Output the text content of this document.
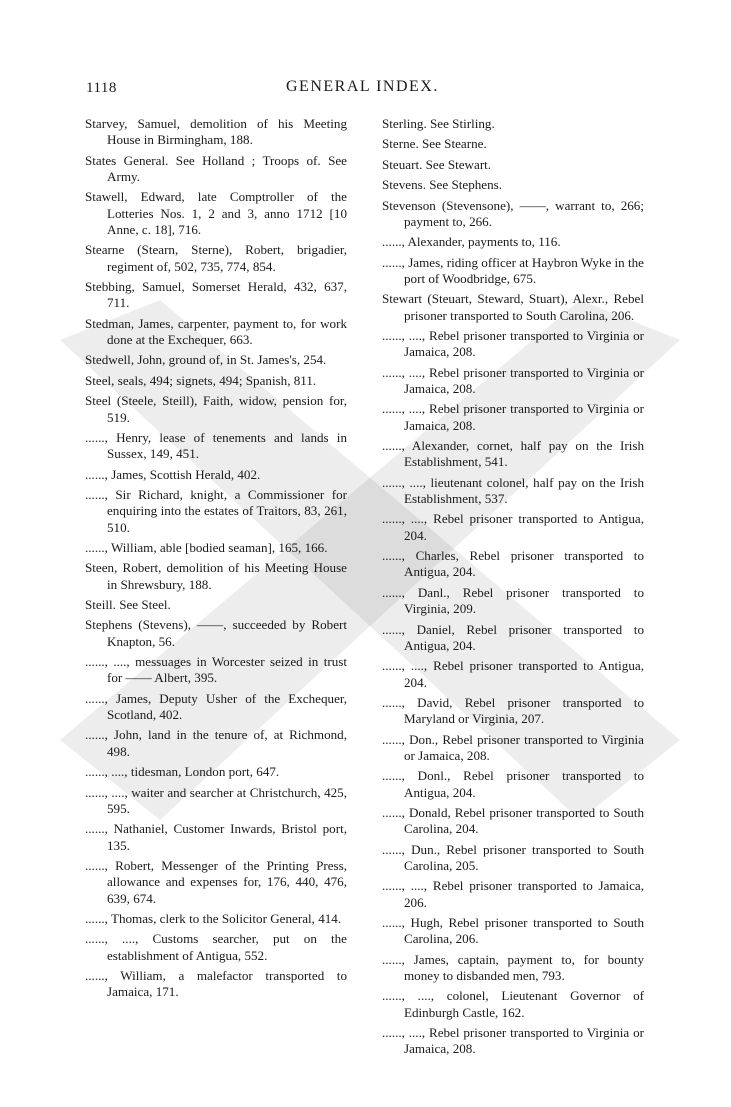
1118	GENERAL INDEX.

Starvey, Samuel, demolition of his Meeting House in Birmingham, 188.

States General. See Holland ; Troops of. See Army.

Stawell, Edward, late Comptroller of the Lotteries Nos. 1, 2 and 3, anno 1712 [10 Anne, c. 18], 716.

Stearne (Stearn, Sterne), Robert, brigadier, regiment of, 502, 735, 774, 854.

Stebbing, Samuel, Somerset Herald, 432, 637, 711.

Stedman, James, carpenter, payment to, for work done at the Exchequer, 663.

Stedwell, John, ground of, in St. James's, 254.

Steel, seals, 494; signets, 494; Spanish, 811.

Steel (Steele, Steill), Faith, widow, pension for, 519.

......, Henry, lease of tenements and lands in Sussex, 149, 451.

......, James, Scottish Herald, 402.

......, Sir Richard, knight, a Commissioner for enquiring into the estates of Traitors, 83, 261, 510.

......, William, able [bodied seaman], 165, 166.

Steen, Robert, demolition of his Meeting House in Shrewsbury, 188.

Steill. See Steel.

Stephens (Stevens), ——, succeeded by Robert Knapton, 56.

......, ...., messuages in Worcester seized in trust for —— Albert, 395.

......, James, Deputy Usher of the Exchequer, Scotland, 402.

......, John, land in the tenure of, at Richmond, 498.

......, ...., tidesman, London port, 647.

......, ...., waiter and searcher at Christchurch, 425, 595.

......, Nathaniel, Customer Inwards, Bristol port, 135.

......, Robert, Messenger of the Printing Press, allowance and expenses for, 176, 440, 476, 639, 674.

......, Thomas, clerk to the Solicitor General, 414.

......, ...., Customs searcher, put on the establishment of Antigua, 552.

......, William, a malefactor transported to Jamaica, 171.

Sterling. See Stirling.

Sterne. See Stearne.

Steuart. See Stewart.

Stevens. See Stephens.

Stevenson (Stevensone), ——, warrant to, 266; payment to, 266.

......, Alexander, payments to, 116.

......, James, riding officer at Haybron Wyke in the port of Woodbridge, 675.

Stewart (Steuart, Steward, Stuart), Alexr., Rebel prisoner transported to South Carolina, 206.

......, ...., Rebel prisoner transported to Virginia or Jamaica, 208.

......, ...., Rebel prisoner transported to Virginia or Jamaica, 208.

......, ...., Rebel prisoner transported to Virginia or Jamaica, 208.

......, Alexander, cornet, half pay on the Irish Establishment, 541.

......, ...., lieutenant colonel, half pay on the Irish Establishment, 537.

......, ...., Rebel prisoner transported to Antigua, 204.

......, Charles, Rebel prisoner transported to Antigua, 204.

......, Danl., Rebel prisoner transported to Virginia, 209.

......, Daniel, Rebel prisoner transported to Antigua, 204.

......, ...., Rebel prisoner transported to Antigua, 204.

......, David, Rebel prisoner transported to Maryland or Virginia, 207.

......, Don., Rebel prisoner transported to Virginia or Jamaica, 208.

......, Donl., Rebel prisoner transported to Antigua, 204.

......, Donald, Rebel prisoner transported to South Carolina, 204.

......, Dun., Rebel prisoner transported to South Carolina, 205.

......, ...., Rebel prisoner transported to Jamaica, 206.

......, Hugh, Rebel prisoner transported to South Carolina, 206.

......, James, captain, payment to, for bounty money to disbanded men, 793.

......, ...., colonel, Lieutenant Governor of Edinburgh Castle, 162.

......, ...., Rebel prisoner transported to Virginia or Jamaica, 208.
